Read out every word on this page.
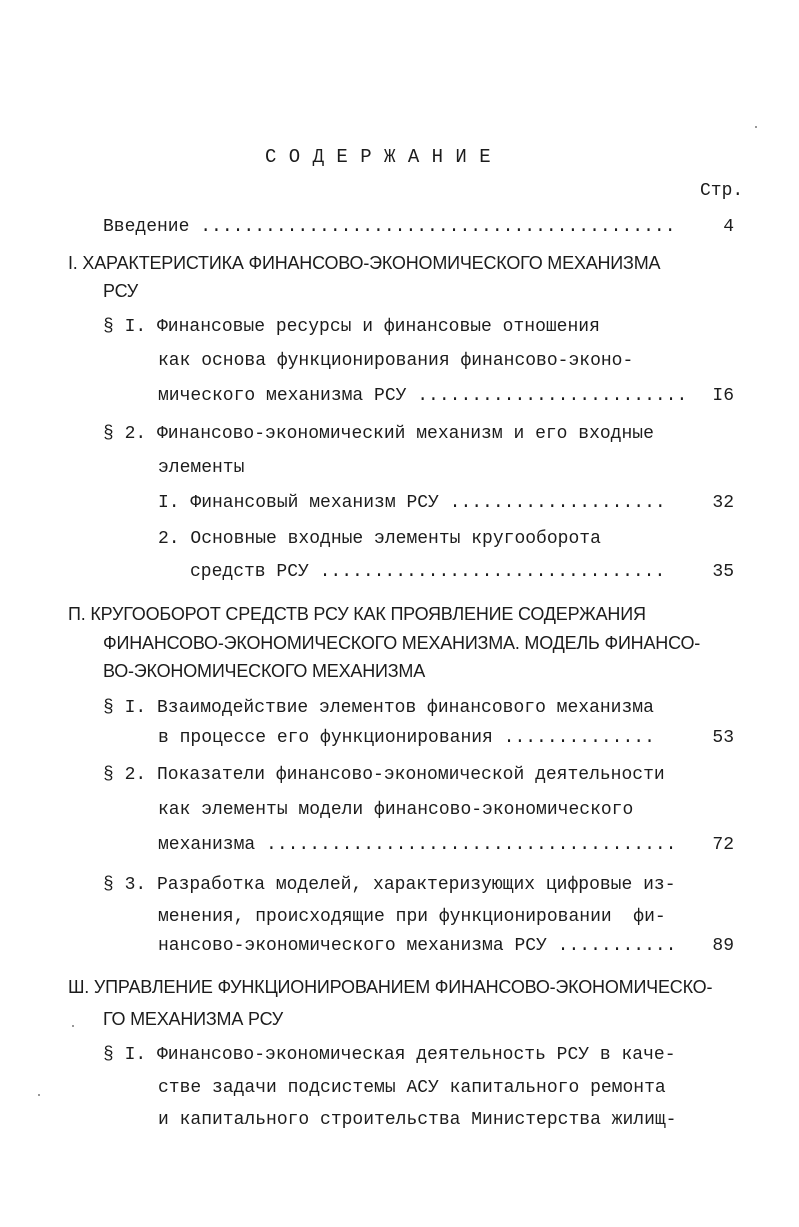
С О Д Е Р Ж А Н И Е
Стр.
Введение ............................................	4
I. ХАРАКТЕРИСТИКА ФИНАНСОВО-ЭКОНОМИЧЕСКОГО МЕХАНИЗМА
РСУ
§ I. Финансовые ресурсы и финансовые отношения
как основа функционирования финансово-эконо-
мического механизма РСУ .........................	I6
§ 2. Финансово-экономический механизм и его входные
элементы
I. Финансовый механизм РСУ ....................	32
2. Основные входные элементы кругооборота
средств РСУ ................................	35
П. КРУГООБОРОТ СРЕДСТВ РСУ КАК ПРОЯВЛЕНИЕ СОДЕРЖАНИЯ
ФИНАНСОВО-ЭКОНОМИЧЕСКОГО МЕХАНИЗМА. МОДЕЛЬ ФИНАНСО-
ВО-ЭКОНОМИЧЕСКОГО МЕХАНИЗМА
§ I. Взаимодействие элементов финансового механизма
в процессе его функционирования ..............	53
§ 2. Показатели финансово-экономической деятельности
как элементы модели финансово-экономического
механизма ......................................	72
§ 3. Разработка моделей, характеризующих цифровые из-
менения, происходящие при функционировании  фи-
нансово-экономического механизма РСУ ...........	89
Ш. УПРАВЛЕНИЕ ФУНКЦИОНИРОВАНИЕМ ФИНАНСОВО-ЭКОНОМИЧЕСКО-
ГО МЕХАНИЗМА РСУ
§ I. Финансово-экономическая деятельность РСУ в каче-
стве задачи подсистемы АСУ капитального ремонта
и капитального строительства Министерства жилищ-
